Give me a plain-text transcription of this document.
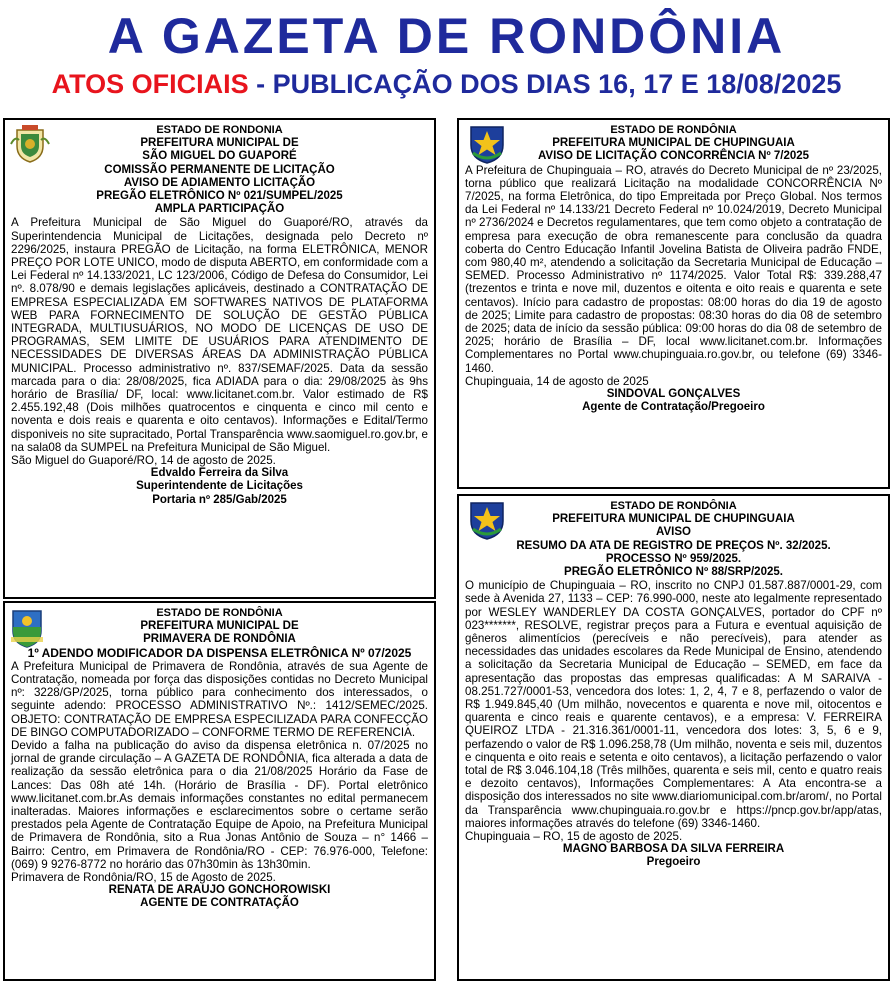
A GAZETA DE RONDÔNIA
ATOS OFICIAIS - PUBLICAÇÃO DOS DIAS 16, 17 E 18/08/2025
ESTADO DE RONDONIA
PREFEITURA MUNICIPAL DE
SÃO MIGUEL DO GUAPORÉ
COMISSÃO PERMANENTE DE LICITAÇÃO
AVISO DE ADIAMENTO LICITAÇÃO
PREGÃO ELETRÔNICO Nº 021/SUMPEL/2025
AMPLA PARTICIPAÇÃO
A Prefeitura Municipal de São Miguel do Guaporé/RO, através da Superintendencia Municipal de Licitações, designada pelo Decreto nº 2296/2025, instaura PREGÃO de Licitação, na forma ELETRÔNICA, MENOR PREÇO POR LOTE UNICO, modo de disputa ABERTO, em conformidade com a Lei Federal nº 14.133/2021, LC 123/2006, Código de Defesa do Consumidor, Lei nº. 8.078/90 e demais legislações aplicáveis, destinado a CONTRATAÇÃO DE EMPRESA ESPECIALIZADA EM SOFTWARES NATIVOS DE PLATAFORMA WEB PARA FORNECIMENTO DE SOLUÇÃO DE GESTÃO PÚBLICA INTEGRADA, MULTIUSUÁRIOS, NO MODO DE LICENÇAS DE USO DE PROGRAMAS, SEM LIMITE DE USUÁRIOS PARA ATENDIMENTO DE NECESSIDADES DE DIVERSAS ÁREAS DA ADMINISTRAÇÃO PÚBLICA MUNICIPAL. Processo administrativo nº. 837/SEMAF/2025. Data da sessão marcada para o dia: 28/08/2025, fica ADIADA para o dia: 29/08/2025 às 9hs horário de Brasília/ DF, local: www.licitanet.com.br. Valor estimado de R$ 2.455.192,48 (Dois milhões quatrocentos e cinquenta e cinco mil cento e noventa e dois reais e quarenta e oito centavos). Informações e Edital/Termo disponiveis no site supracitado, Portal Transparência www.saomiguel.ro.gov.br, e na sala08 da SUMPEL na Prefeitura Municipal de São Miguel.
São Miguel do Guaporé/RO, 14 de agosto de 2025.
Edvaldo Ferreira da Silva
Superintendente de Licitações
Portaria nº 285/Gab/2025
ESTADO DE RONDÔNIA
PREFEITURA MUNICIPAL DE
PRIMAVERA DE RONDÔNIA
1º ADENDO MODIFICADOR DA DISPENSA ELETRÔNICA Nº 07/2025
A Prefeitura Municipal de Primavera de Rondônia, através de sua Agente de Contratação, nomeada por força das disposições contidas no Decreto Municipal nº: 3228/GP/2025, torna público para conhecimento dos interessados, o seguinte adendo: PROCESSO ADMINISTRATIVO Nº.: 1412/SEMEC/2025. OBJETO: CONTRATAÇÃO DE EMPRESA ESPECILIZADA PARA CONFECÇÃO DE BINGO COMPUTADORIZADO – CONFORME TERMO DE REFERENCIA.
Devido a falha na publicação do aviso da dispensa eletrônica n. 07/2025 no jornal de grande circulação – A GAZETA DE RONDÔNIA, fica alterada a data de realização da sessão eletrônica para o dia 21/08/2025 Horário da Fase de Lances: Das 08h até 14h. (Horário de Brasília - DF). Portal eletrônico www.licitanet.com.br.As demais informações constantes no edital permanecem inalteradas. Maiores informações e esclarecimentos sobre o certame serão prestados pela Agente de Contratação Equipe de Apoio, na Prefeitura Municipal de Primavera de Rondônia, sito a Rua Jonas Antônio de Souza – n° 1466 – Bairro: Centro, em Primavera de Rondônia/RO - CEP: 76.976-000, Telefone: (069) 9 9276-8772 no horário das 07h30min às 13h30min.
Primavera de Rondônia/RO, 15 de Agosto de 2025.
RENATA DE ARAUJO GONCHOROWISKI
AGENTE DE CONTRATAÇÃO
ESTADO DE RONDÔNIA
PREFEITURA MUNICIPAL DE CHUPINGUAIA
AVISO DE LICITAÇÃO CONCORRÊNCIA Nº 7/2025
A Prefeitura de Chupinguaia – RO, através do Decreto Municipal de nº 23/2025, torna público que realizará Licitação na modalidade CONCORRÊNCIA Nº 7/2025, na forma Eletrônica, do tipo Empreitada por Preço Global. Nos termos da Lei Federal nº 14.133/21 Decreto Federal nº 10.024/2019, Decreto Municipal nº 2736/2024 e Decretos regulamentares, que tem como objeto a contratação de empresa para execução de obra remanescente para conclusão da quadra coberta do Centro Educação Infantil Jovelina Batista de Oliveira padrão FNDE, com 980,40 m², atendendo a solicitação da Secretaria Municipal de Educação – SEMED. Processo Administrativo nº 1174/2025. Valor Total R$: 339.288,47 (trezentos e trinta e nove mil, duzentos e oitenta e oito reais e quarenta e sete centavos). Início para cadastro de propostas: 08:00 horas do dia 19 de agosto de 2025; Limite para cadastro de propostas: 08:30 horas do dia 08 de setembro de 2025; data de início da sessão pública: 09:00 horas do dia 08 de setembro de 2025; horário de Brasília – DF, local www.licitanet.com.br. Informações Complementares no Portal www.chupinguaia.ro.gov.br, ou telefone (69) 3346-1460.
Chupinguaia, 14 de agosto de 2025
SINDOVAL GONÇALVES
Agente de Contratação/Pregoeiro
ESTADO DE RONDÔNIA
PREFEITURA MUNICIPAL DE CHUPINGUAIA
AVISO
RESUMO DA ATA DE REGISTRO DE PREÇOS Nº. 32/2025.
PROCESSO Nº 959/2025.
PREGÃO ELETRÔNICO Nº 88/SRP/2025.
O município de Chupinguaia – RO, inscrito no CNPJ 01.587.887/0001-29, com sede à Avenida 27, 1133 – CEP: 76.990-000, neste ato legalmente representado por WESLEY WANDERLEY DA COSTA GONÇALVES, portador do CPF nº 023*******, RESOLVE, registrar preços para a Futura e eventual aquisição de gêneros alimentícios (perecíveis e não perecíveis), para atender as necessidades das unidades escolares da Rede Municipal de Ensino, atendendo a solicitação da Secretaria Municipal de Educação – SEMED, em face da apresentação das propostas das empresas qualificadas: A M SARAIVA - 08.251.727/0001-53, vencedora dos lotes: 1, 2, 4, 7 e 8, perfazendo o valor de R$ 1.949.845,40 (Um milhão, novecentos e quarenta e nove mil, oitocentos e quarenta e cinco reais e quarente centavos), e a empresa: V. FERREIRA QUEIROZ LTDA - 21.316.361/0001-11, vencedora dos lotes: 3, 5, 6 e 9, perfazendo o valor de R$ 1.096.258,78 (Um milhão, noventa e seis mil, duzentos e cinquenta e oito reais e setenta e oito centavos), a licitação perfazendo o valor total de R$ 3.046.104,18 (Três milhões, quarenta e seis mil, cento e quatro reais e dezoito centavos), Informações Complementares: A Ata encontra-se a disposição dos interessados no site www.diariomunicipal.com.br/arom/, no Portal da Transparência www.chupinguaia.ro.gov.br e https://pncp.gov.br/app/atas, maiores informações através do telefone (69) 3346-1460.
Chupinguaia – RO, 15 de agosto de 2025.
MAGNO BARBOSA DA SILVA FERREIRA
Pregoeiro
